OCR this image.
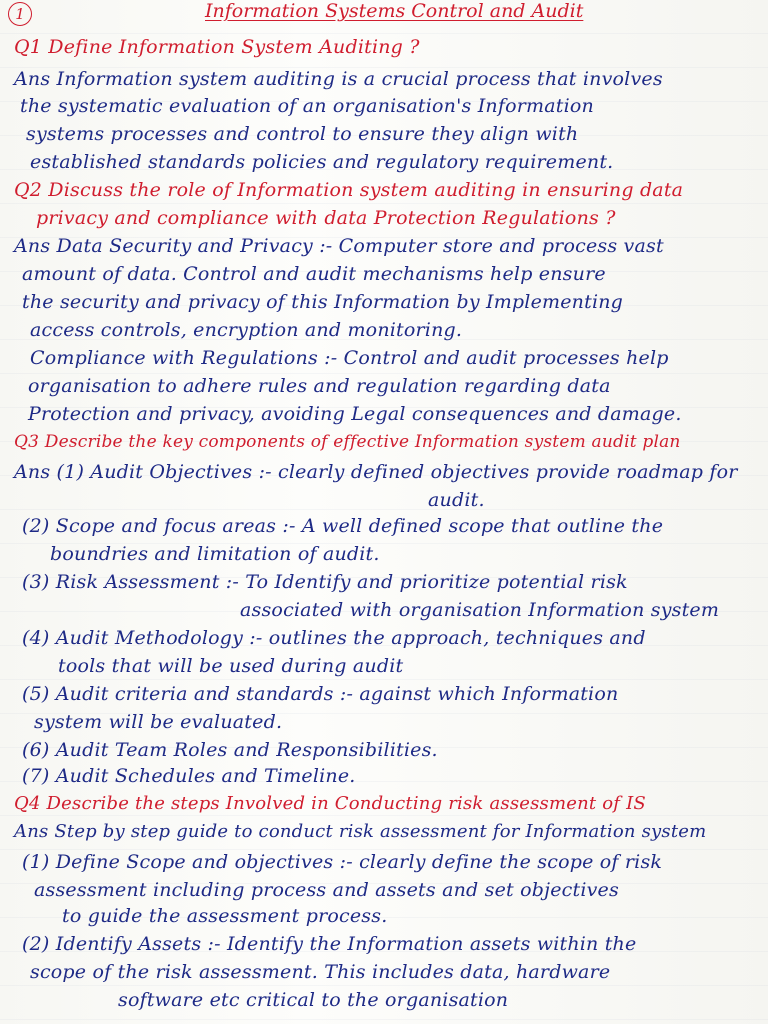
1	Information Systems Control and Audit
Q1 Define Information System Auditing ?
Ans Information system auditing is a crucial process that involves
the systematic evaluation of an organisation's Information
systems processes and control to ensure they align with
established standards policies and regulatory requirement.
Q2 Discuss the role of Information system auditing in ensuring data
privacy and compliance with data Protection Regulations ?
Ans Data Security and Privacy :- Computer store and process vast
amount of data. Control and audit mechanisms help ensure
the security and privacy of this Information by Implementing
access controls, encryption and monitoring.
Compliance with Regulations :- Control and audit processes help
organisation to adhere rules and regulation regarding data
Protection and privacy, avoiding Legal consequences and damage.
Q3 Describe the key components of effective Information system audit plan
Ans (1) Audit Objectives :- clearly defined objectives provide roadmap for
audit.
(2) Scope and focus areas :- A well defined scope that outline the
boundries and limitation of audit.
(3) Risk Assessment :- To Identify and prioritize potential risk
associated with organisation Information system
(4) Audit Methodology :- outlines the approach, techniques and
tools that will be used during audit
(5) Audit criteria and standards :- against which Information
system will be evaluated.
(6) Audit Team Roles and Responsibilities.
(7) Audit Schedules and Timeline.
Q4 Describe the steps Involved in Conducting risk assessment of IS
Ans Step by step guide to conduct risk assessment for Information system
(1) Define Scope and objectives :- clearly define the scope of risk
assessment including process and assets and set objectives
to guide the assessment process.
(2) Identify Assets :- Identify the Information assets within the
scope of the risk assessment. This includes data, hardware
software etc critical to the organisation
